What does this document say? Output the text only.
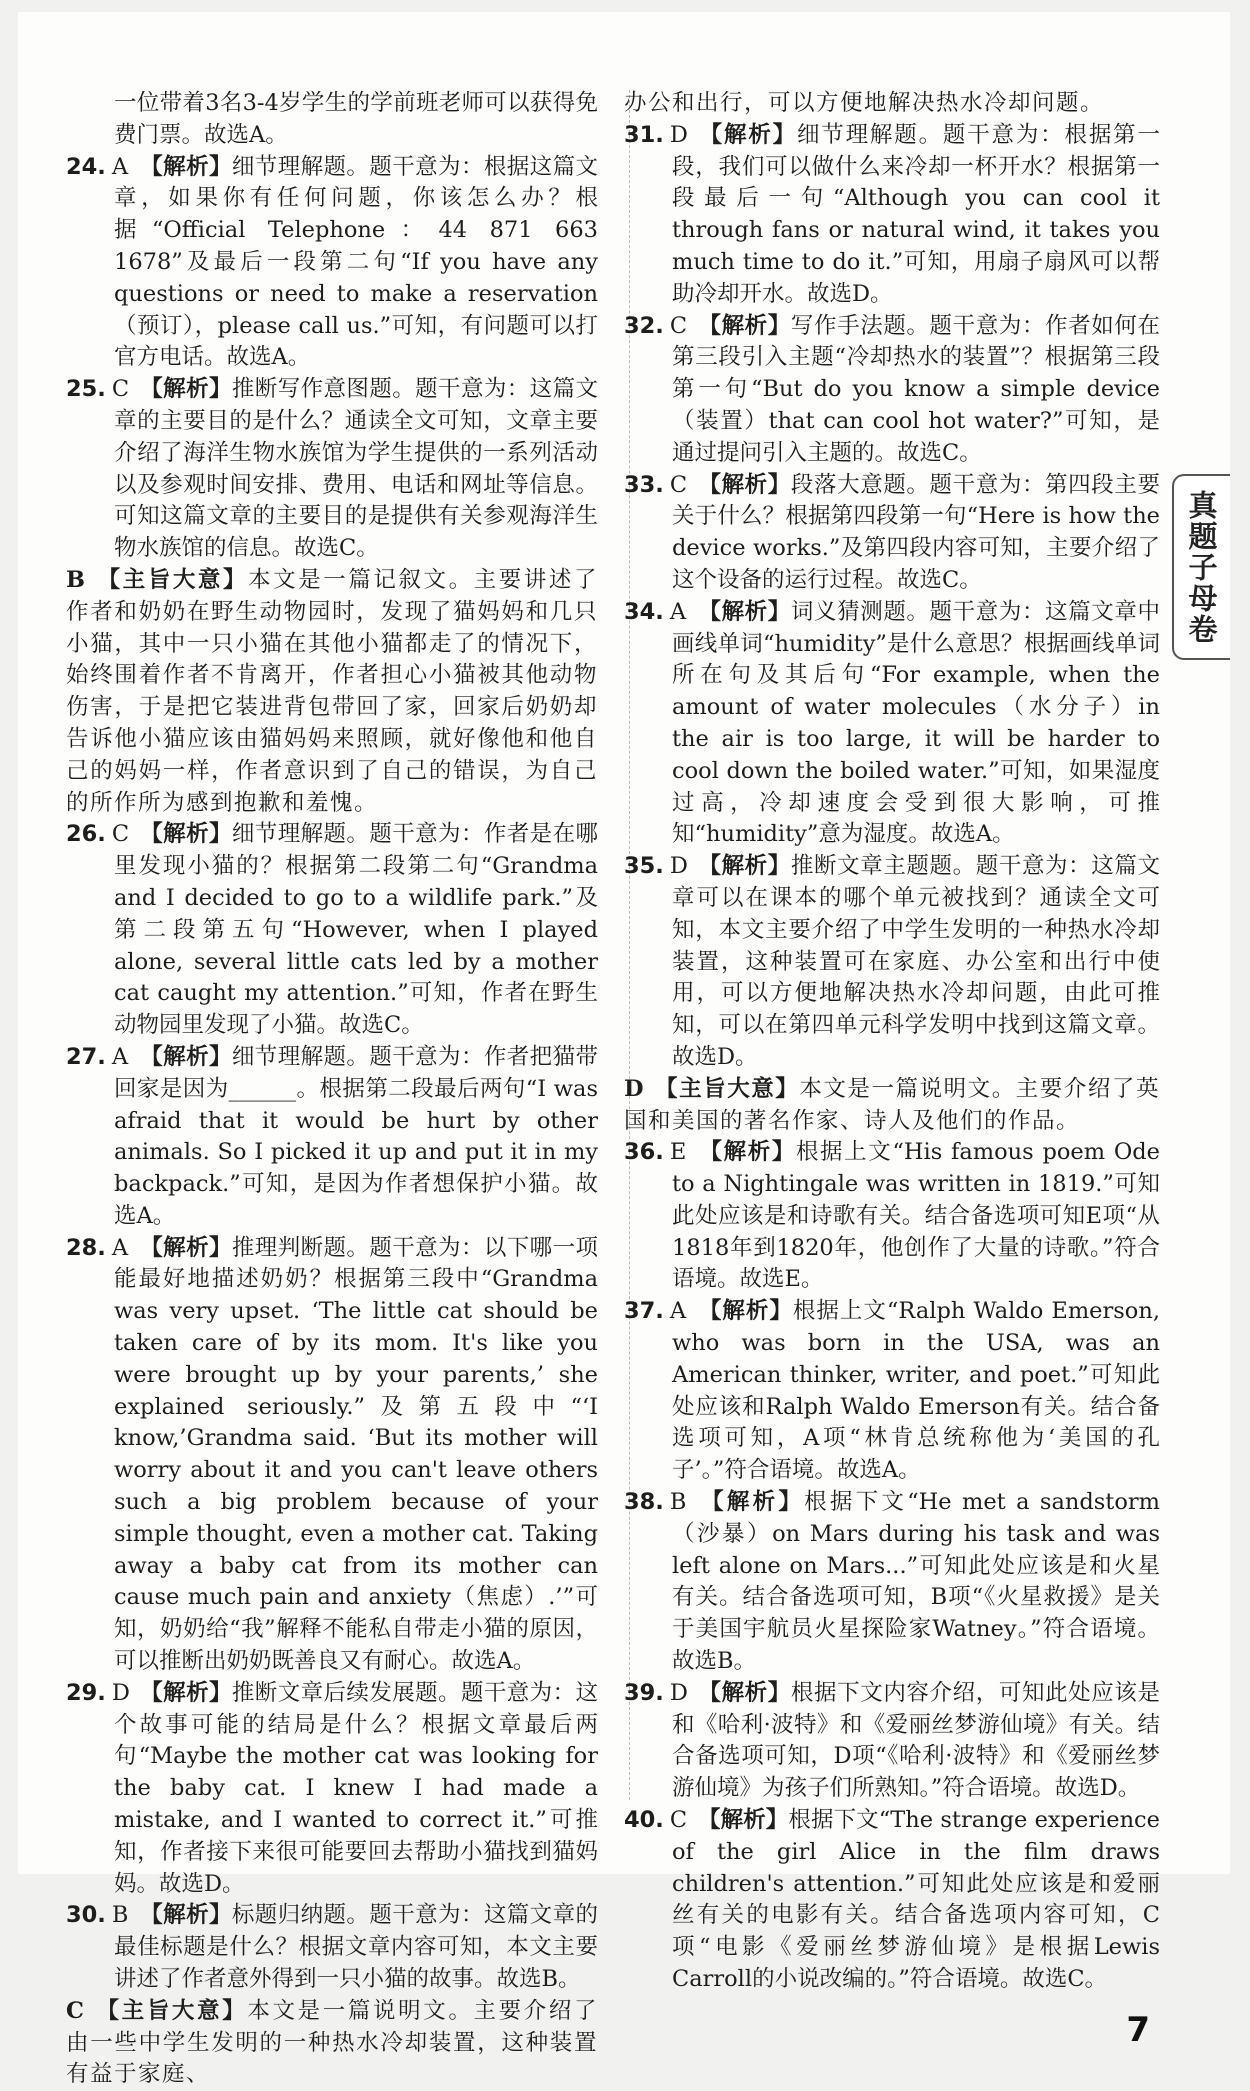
一位带着3名3-4岁学生的学前班老师可以获得免费门票。故选A。
24. A 【解析】细节理解题。题干意为：根据这篇文章，如果你有任何问题，你该怎么办？根据“Official Telephone：44 871 663 1678”及最后一段第二句“If you have any questions or need to make a reservation（预订），please call us.”可知，有问题可以打官方电话。故选A。
25. C 【解析】推断写作意图题。题干意为：这篇文章的主要目的是什么？通读全文可知，文章主要介绍了海洋生物水族馆为学生提供的一系列活动以及参观时间安排、费用、电话和网址等信息。可知这篇文章的主要目的是提供有关参观海洋生物水族馆的信息。故选C。
B 【主旨大意】本文是一篇记叙文。主要讲述了作者和奶奶在野生动物园时，发现了猫妈妈和几只小猫，其中一只小猫在其他小猫都走了的情况下，始终围着作者不肯离开，作者担心小猫被其他动物伤害，于是把它装进背包带回了家，回家后奶奶却告诉他小猫应该由猫妈妈来照顾，就好像他和他自己的妈妈一样，作者意识到了自己的错误，为自己的所作所为感到抱歉和羞愧。
26. C 【解析】细节理解题。题干意为：作者是在哪里发现小猫的？根据第二段第二句“Grandma and I decided to go to a wildlife park.”及第二段第五句“However, when I played alone, several little cats led by a mother cat caught my attention.”可知，作者在野生动物园里发现了小猫。故选C。
27. A 【解析】细节理解题。题干意为：作者把猫带回家是因为______。根据第二段最后两句“I was afraid that it would be hurt by other animals. So I picked it up and put it in my backpack.”可知，是因为作者想保护小猫。故选A。
28. A 【解析】推理判断题。题干意为：以下哪一项能最好地描述奶奶？根据第三段中“Grandma was very upset. ‘The little cat should be taken care of by its mom. It's like you were brought up by your parents,’ she explained seriously.”及第五段中“‘I know,’Grandma said. ‘But its mother will worry about it and you can't leave others such a big problem because of your simple thought, even a mother cat. Taking away a baby cat from its mother can cause much pain and anxiety（焦虑）.’”可知，奶奶给“我”解释不能私自带走小猫的原因，可以推断出奶奶既善良又有耐心。故选A。
29. D 【解析】推断文章后续发展题。题干意为：这个故事可能的结局是什么？根据文章最后两句“Maybe the mother cat was looking for the baby cat. I knew I had made a mistake, and I wanted to correct it.”可推知，作者接下来很可能要回去帮助小猫找到猫妈妈。故选D。
30. B 【解析】标题归纳题。题干意为：这篇文章的最佳标题是什么？根据文章内容可知，本文主要讲述了作者意外得到一只小猫的故事。故选B。
C 【主旨大意】本文是一篇说明文。主要介绍了由一些中学生发明的一种热水冷却装置，这种装置有益于家庭、
办公和出行，可以方便地解决热水冷却问题。
31. D 【解析】细节理解题。题干意为：根据第一段，我们可以做什么来冷却一杯开水？根据第一段最后一句“Although you can cool it through fans or natural wind, it takes you much time to do it.”可知，用扇子扇风可以帮助冷却开水。故选D。
32. C 【解析】写作手法题。题干意为：作者如何在第三段引入主题“冷却热水的装置”？根据第三段第一句“But do you know a simple device（装置）that can cool hot water?”可知，是通过提问引入主题的。故选C。
33. C 【解析】段落大意题。题干意为：第四段主要关于什么？根据第四段第一句“Here is how the device works.”及第四段内容可知，主要介绍了这个设备的运行过程。故选C。
34. A 【解析】词义猜测题。题干意为：这篇文章中画线单词“humidity”是什么意思？根据画线单词所在句及其后句“For example, when the amount of water molecules（水分子）in the air is too large, it will be harder to cool down the boiled water.”可知，如果湿度过高，冷却速度会受到很大影响，可推知“humidity”意为湿度。故选A。
35. D 【解析】推断文章主题题。题干意为：这篇文章可以在课本的哪个单元被找到？通读全文可知，本文主要介绍了中学生发明的一种热水冷却装置，这种装置可在家庭、办公室和出行中使用，可以方便地解决热水冷却问题，由此可推知，可以在第四单元科学发明中找到这篇文章。故选D。
D 【主旨大意】本文是一篇说明文。主要介绍了英国和美国的著名作家、诗人及他们的作品。
36. E 【解析】根据上文“His famous poem Ode to a Nightingale was written in 1819.”可知此处应该是和诗歌有关。结合备选项可知E项“从1818年到1820年，他创作了大量的诗歌。”符合语境。故选E。
37. A 【解析】根据上文“Ralph Waldo Emerson, who was born in the USA, was an American thinker, writer, and poet.”可知此处应该和Ralph Waldo Emerson有关。结合备选项可知，A项“林肯总统称他为‘美国的孔子’。”符合语境。故选A。
38. B 【解析】根据下文“He met a sandstorm（沙暴）on Mars during his task and was left alone on Mars...”可知此处应该是和火星有关。结合备选项可知，B项“《火星救援》是关于美国宇航员火星探险家Watney。”符合语境。故选B。
39. D 【解析】根据下文内容介绍，可知此处应该是和《哈利·波特》和《爱丽丝梦游仙境》有关。结合备选项可知，D项“《哈利·波特》和《爱丽丝梦游仙境》为孩子们所熟知。”符合语境。故选D。
40. C 【解析】根据下文“The strange experience of the girl Alice in the film draws children's attention.”可知此处应该是和爱丽丝有关的电影有关。结合备选项内容可知，C项“电影《爱丽丝梦游仙境》是根据Lewis Carroll的小说改编的。”符合语境。故选C。
7
真题子母卷
